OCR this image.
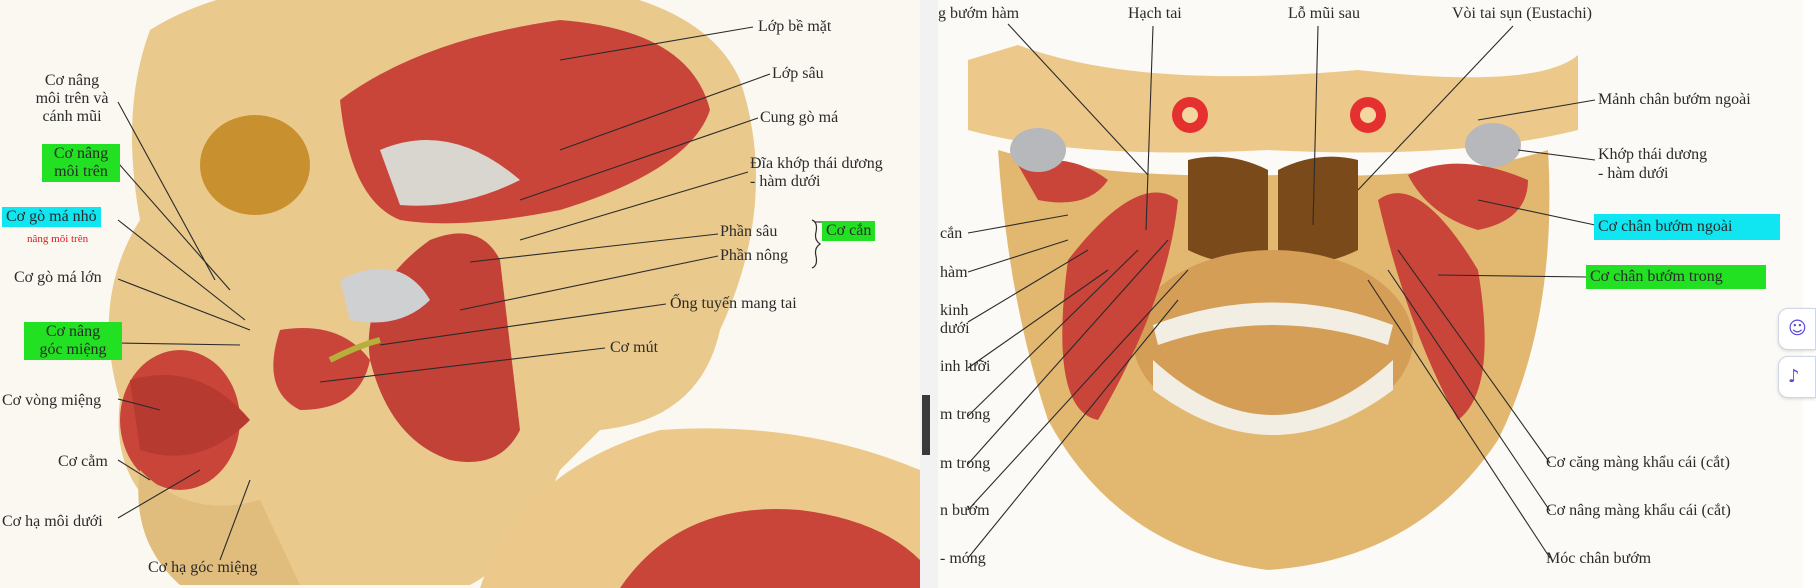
Lớp bề mặt
Lớp sâu
Cung gò má
Đĩa khớp thái dương
- hàm dưới
Phần sâu
Phần nông
Cơ cắn
Ống tuyến mang tai
Cơ mút
Cơ nâng
môi trên và
cánh mũi
Cơ nâng
môi trên
Cơ gò má nhỏ
nâng môi trên
Cơ gò má lớn
Cơ nâng
góc miệng
Cơ vòng miệng
Cơ cằm
Cơ hạ môi dưới
Cơ hạ góc miệng
g bướm hàm	Hạch tai	Lỗ mũi sau	Vòi tai sụn (Eustachi)
Mảnh chân bướm ngoài
Khớp thái dương
- hàm dưới
Cơ chân bướm ngoài
Cơ chân bướm trong
cắn
hàm
kinh
dưới
inh lưỡi
m trong
m trong
n bướm
- móng
Cơ căng màng khẩu cái (cắt)
Cơ nâng màng khẩu cái (cắt)
Móc chân bướm
☺
♪
